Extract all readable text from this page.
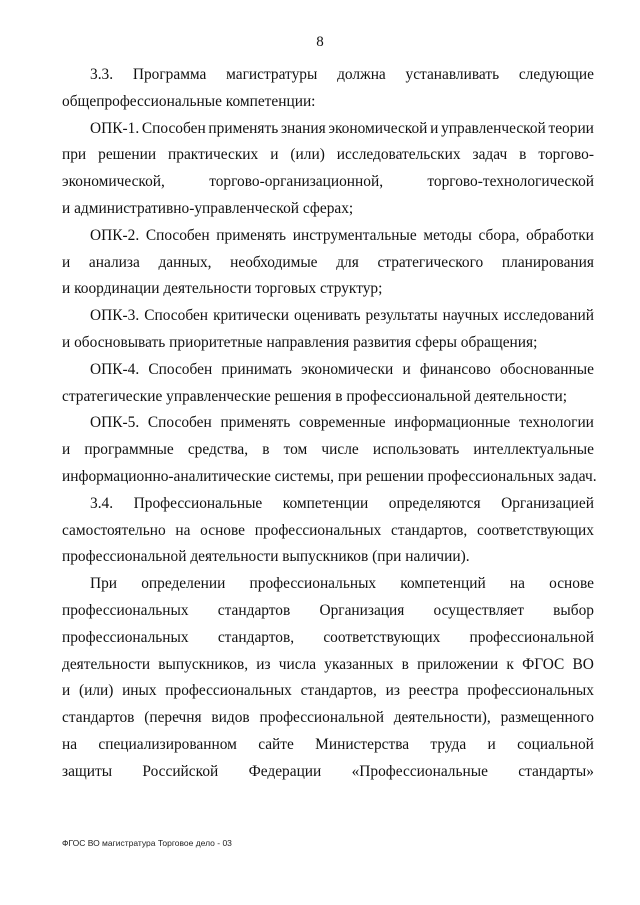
8
3.3. Программа магистратуры должна устанавливать следующие
общепрофессиональные компетенции:
ОПК-1. Способен применять знания экономической и управленческой теории
при решении практических и (или) исследовательских задач в торгово-
экономической,	торгово-организационной,	торгово-технологической
и административно-управленческой сферах;
ОПК-2. Способен применять инструментальные методы сбора, обработки
и анализа данных, необходимые для стратегического планирования
и координации деятельности торговых структур;
ОПК-3. Способен критически оценивать результаты научных исследований
и обосновывать приоритетные направления развития сферы обращения;
ОПК-4. Способен принимать экономически и финансово обоснованные
стратегические управленческие решения в профессиональной деятельности;
ОПК-5. Способен применять современные информационные технологии
и программные средства, в том числе использовать интеллектуальные
информационно-аналитические системы, при решении профессиональных задач.
3.4. Профессиональные компетенции определяются Организацией
самостоятельно на основе профессиональных стандартов, соответствующих
профессиональной деятельности выпускников (при наличии).
При определении профессиональных компетенций на основе
профессиональных стандартов Организация осуществляет выбор
профессиональных стандартов, соответствующих профессиональной
деятельности выпускников, из числа указанных в приложении к ФГОС ВО
и (или) иных профессиональных стандартов, из реестра профессиональных
стандартов (перечня видов профессиональной деятельности), размещенного
на специализированном сайте Министерства труда и социальной
защиты Российской Федерации «Профессиональные стандарты»
ФГОС ВО магистратура Торговое дело - 03
